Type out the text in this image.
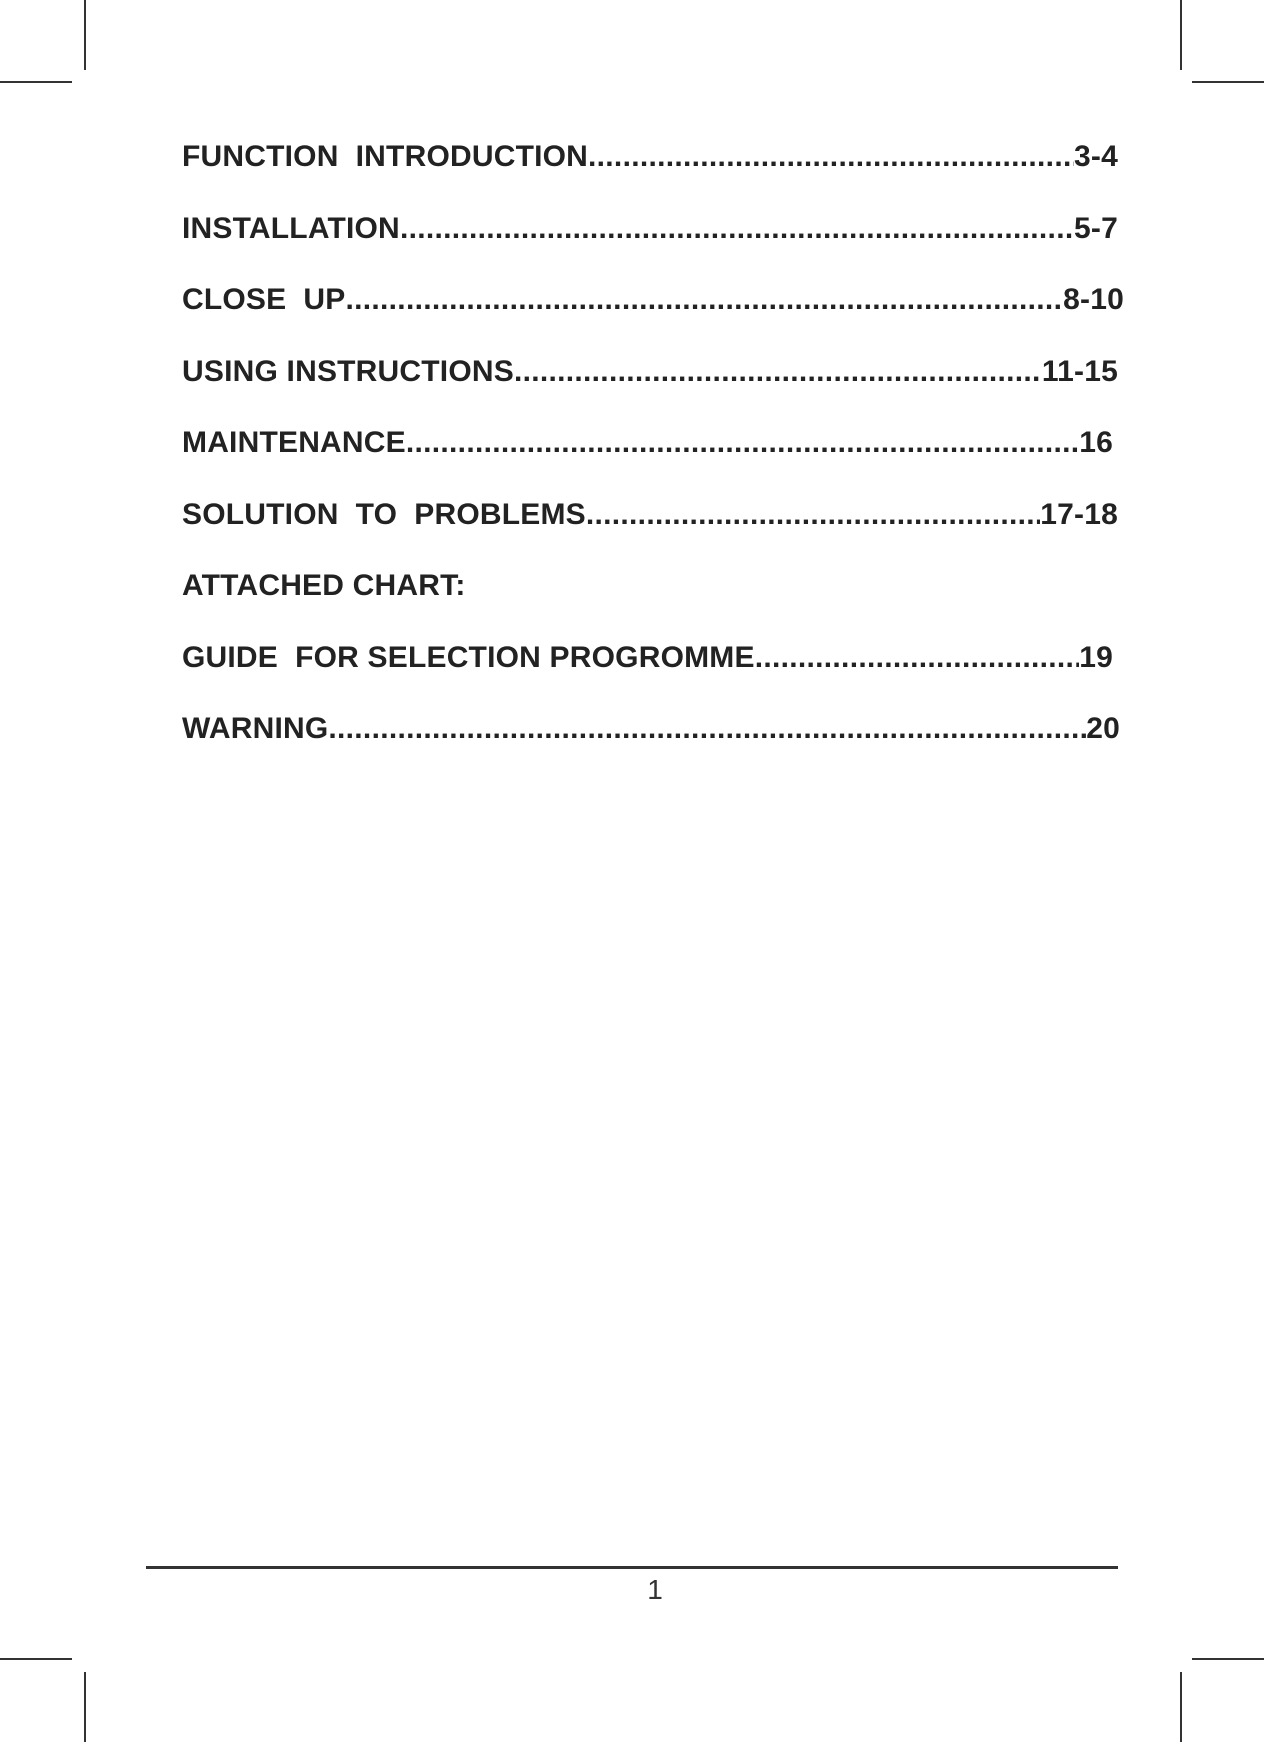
FUNCTION  INTRODUCTION .....	3-4
INSTALLATION .....	5-7
CLOSE  UP .....	8-10
USING INSTRUCTIONS .....	11-15
MAINTENANCE .....	16
SOLUTION  TO  PROBLEMS .....	17-18
ATTACHED CHART:
GUIDE  FOR SELECTION PROGROMME .....	19
WARNING .....	20
1
